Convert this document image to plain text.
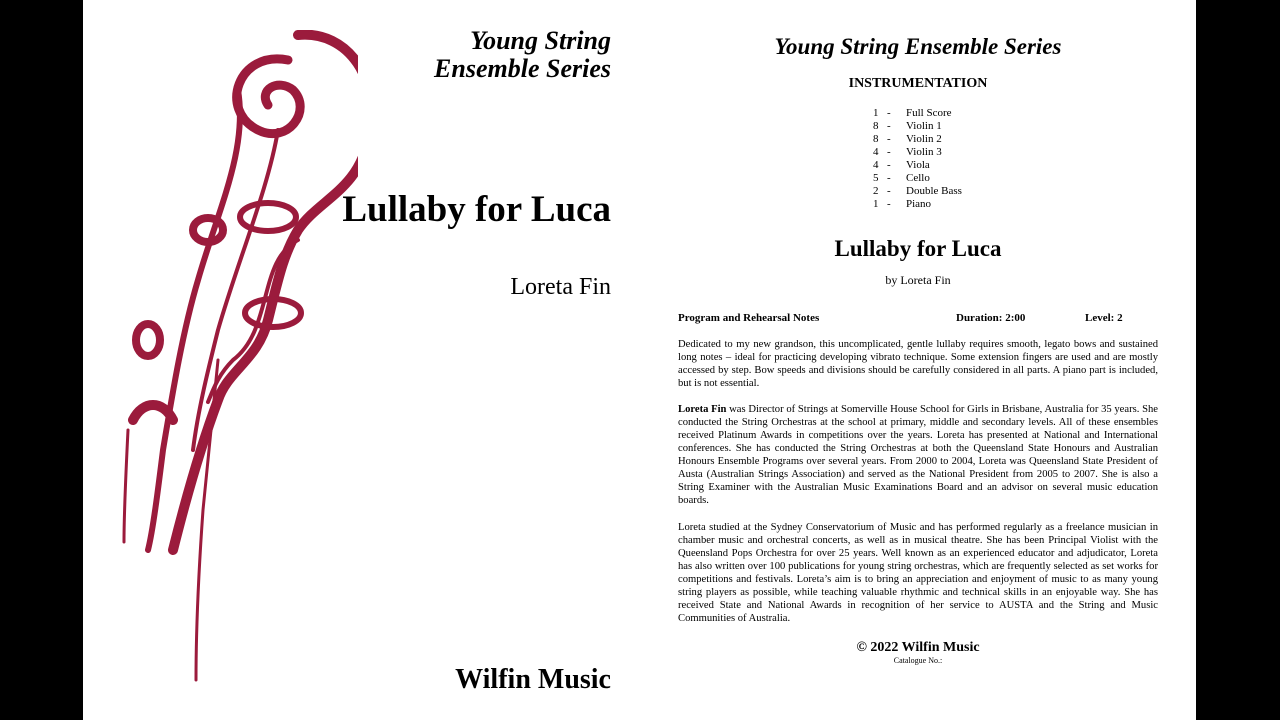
Young String
Ensemble Series
Lullaby for Luca
Loreta Fin
Wilfin Music
Young String Ensemble Series
INSTRUMENTATION
1 -	Full Score
8 -	Violin 1
8 -	Violin 2
4 -	Violin 3
4 -	Viola
5 -	Cello
2 -	Double Bass
1 -	Piano
Lullaby for Luca
by Loreta Fin
Program and Rehearsal Notes	Duration: 2:00	Level: 2
Dedicated to my new grandson, this uncomplicated, gentle lullaby requires smooth, legato bows and sustained long notes – ideal for practicing developing vibrato technique. Some extension fingers are used and are mostly accessed by step. Bow speeds and divisions should be carefully considered in all parts. A piano part is included, but is not essential.
Loreta Fin was Director of Strings at Somerville House School for Girls in Brisbane, Australia for 35 years. She conducted the String Orchestras at the school at primary, middle and secondary levels. All of these ensembles received Platinum Awards in competitions over the years. Loreta has presented at National and International conferences. She has conducted the String Orchestras at both the Queensland State Honours and Australian Honours Ensemble Programs over several years. From 2000 to 2004, Loreta was Queensland State President of Austa (Australian Strings Association) and served as the National President from 2005 to 2007. She is also a String Examiner with the Australian Music Examinations Board and an advisor on several music education boards.
Loreta studied at the Sydney Conservatorium of Music and has performed regularly as a freelance musician in chamber music and orchestral concerts, as well as in musical theatre. She has been Principal Violist with the Queensland Pops Orchestra for over 25 years. Well known as an experienced educator and adjudicator, Loreta has also written over 100 publications for young string orchestras, which are frequently selected as set works for competitions and festivals. Loreta’s aim is to bring an appreciation and enjoyment of music to as many young string players as possible, while teaching valuable rhythmic and technical skills in an enjoyable way. She has received State and National Awards in recognition of her service to AUSTA and the String and Music Communities of Australia.
© 2022 Wilfin Music
Catalogue No.:
